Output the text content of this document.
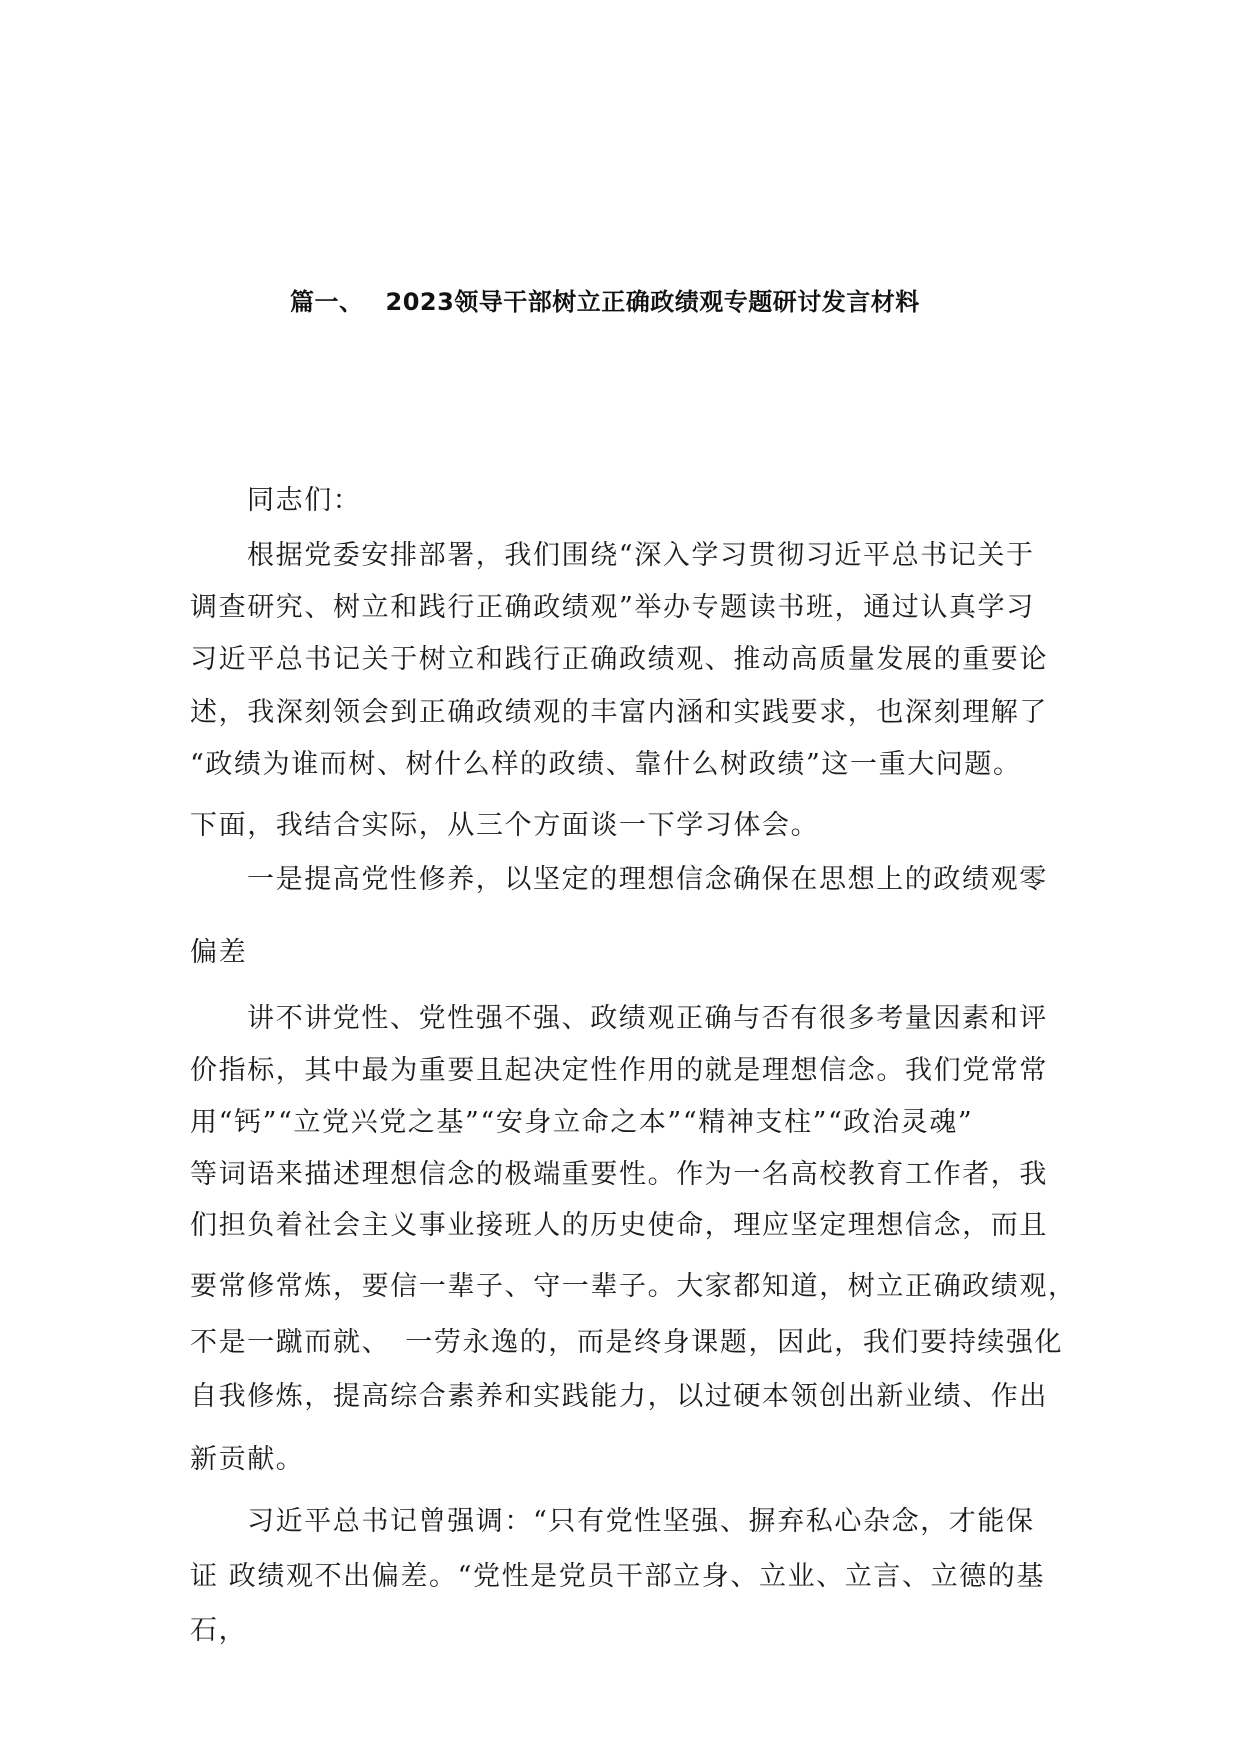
篇一、 2023领导干部树立正确政绩观专题研讨发言材料
同志们：
根据党委安排部署，我们围绕“深入学习贯彻习近平总书记关于
调查研究、树立和践行正确政绩观”举办专题读书班，通过认真学习
习近平总书记关于树立和践行正确政绩观、推动高质量发展的重要论
述，我深刻领会到正确政绩观的丰富内涵和实践要求，也深刻理解了
“政绩为谁而树、树什么样的政绩、靠什么树政绩”这一重大问题。
下面，我结合实际，从三个方面谈一下学习体会。
一是提高党性修养，以坚定的理想信念确保在思想上的政绩观零
偏差
讲不讲党性、党性强不强、政绩观正确与否有很多考量因素和评
价指标，其中最为重要且起决定性作用的就是理想信念。我们党常常
用“钙”“立党兴党之基”“安身立命之本”“精神支柱”“政治灵魂”
等词语来描述理想信念的极端重要性。作为一名高校教育工作者，我
们担负着社会主义事业接班人的历史使命，理应坚定理想信念，而且
要常修常炼，要信一辈子、守一辈子。大家都知道，树立正确政绩观，
不是一蹴而就、　一劳永逸的，而是终身课题，因此，我们要持续强化
自我修炼，提高综合素养和实践能力，以过硬本领创出新业绩、作出
新贡献。
习近平总书记曾强调：“只有党性坚强、摒弃私心杂念，才能保
证 政绩观不出偏差。“党性是党员干部立身、立业、立言、立德的基
石，
